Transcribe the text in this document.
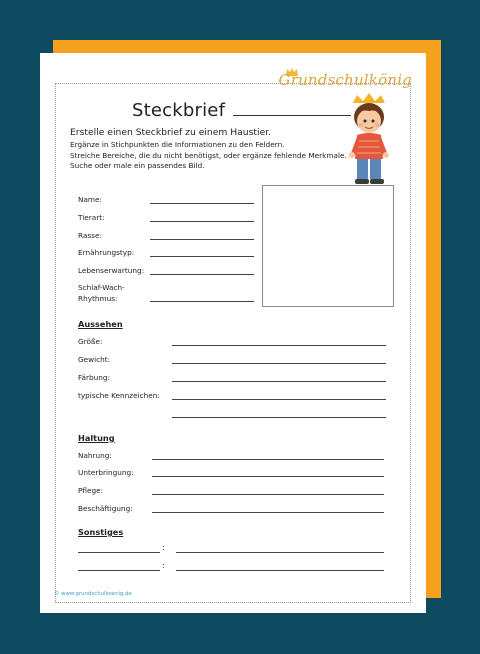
Grundschulkönig
Steckbrief

Erstelle einen Steckbrief zu einem Haustier.

Ergänze in Stichpunkten die Informationen zu den Feldern.

Streiche Bereiche, die du nicht benötigst, oder ergänze fehlende Merkmale.

Suche oder male ein passendes Bild.

Name:
Tierart:
Rasse:
Ernährungstyp:
Lebenserwartung:
Schlaf-Wach-
Rhythmus:
Aussehen
Größe:
Gewicht:
Färbung:
typische Kennzeichen:
Haltung
Nahrung:
Unterbringung:
Pflege:
Beschäftigung:
Sonstiges
:
:
© www.grundschulkoenig.de
